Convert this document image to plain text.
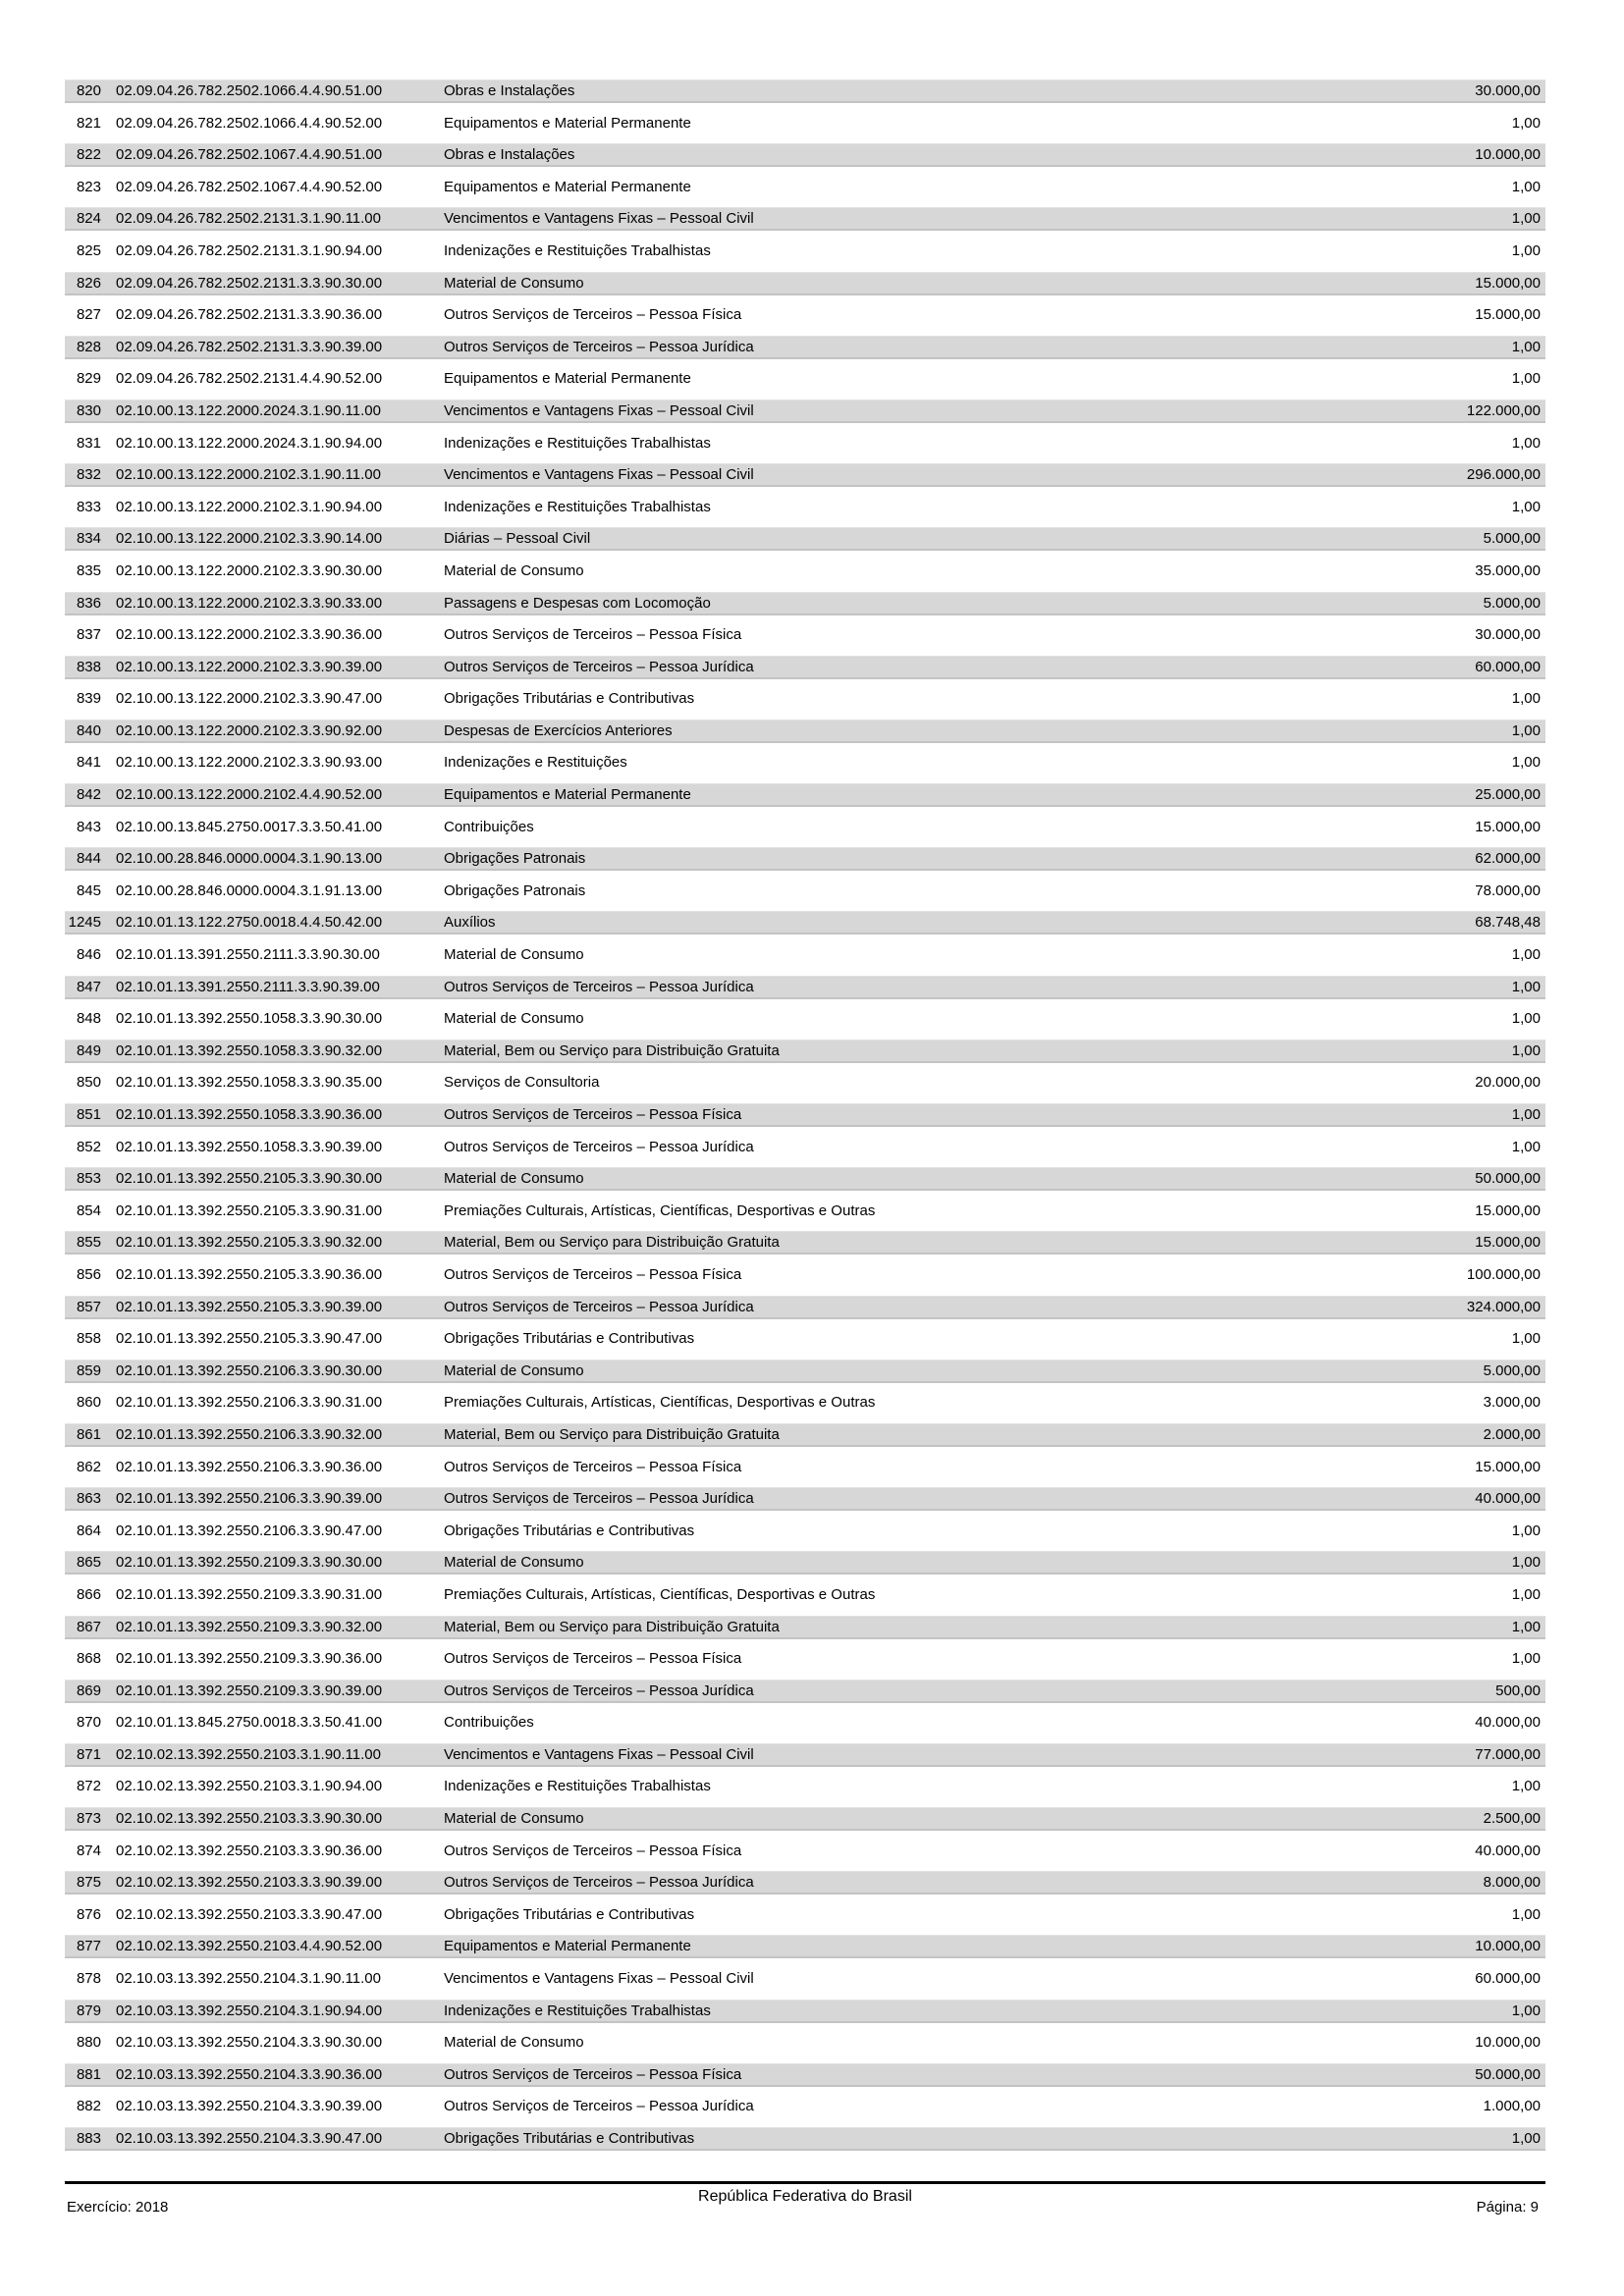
820 02.09.04.26.782.2502.1066.4.4.90.51.00	Obras e Instalações	30.000,00
821 02.09.04.26.782.2502.1066.4.4.90.52.00	Equipamentos e Material Permanente	1,00
822 02.09.04.26.782.2502.1067.4.4.90.51.00	Obras e Instalações	10.000,00
823 02.09.04.26.782.2502.1067.4.4.90.52.00	Equipamentos e Material Permanente	1,00
824 02.09.04.26.782.2502.2131.3.1.90.11.00	Vencimentos e Vantagens Fixas – Pessoal Civil	1,00
825 02.09.04.26.782.2502.2131.3.1.90.94.00	Indenizações e Restituições Trabalhistas	1,00
826 02.09.04.26.782.2502.2131.3.3.90.30.00	Material de Consumo	15.000,00
827 02.09.04.26.782.2502.2131.3.3.90.36.00	Outros Serviços de Terceiros – Pessoa Física	15.000,00
828 02.09.04.26.782.2502.2131.3.3.90.39.00	Outros Serviços de Terceiros – Pessoa Jurídica	1,00
829 02.09.04.26.782.2502.2131.4.4.90.52.00	Equipamentos e Material Permanente	1,00
830 02.10.00.13.122.2000.2024.3.1.90.11.00	Vencimentos e Vantagens Fixas – Pessoal Civil	122.000,00
831 02.10.00.13.122.2000.2024.3.1.90.94.00	Indenizações e Restituições Trabalhistas	1,00
832 02.10.00.13.122.2000.2102.3.1.90.11.00	Vencimentos e Vantagens Fixas – Pessoal Civil	296.000,00
833 02.10.00.13.122.2000.2102.3.1.90.94.00	Indenizações e Restituições Trabalhistas	1,00
834 02.10.00.13.122.2000.2102.3.3.90.14.00	Diárias – Pessoal Civil	5.000,00
835 02.10.00.13.122.2000.2102.3.3.90.30.00	Material de Consumo	35.000,00
836 02.10.00.13.122.2000.2102.3.3.90.33.00	Passagens e Despesas com Locomoção	5.000,00
837 02.10.00.13.122.2000.2102.3.3.90.36.00	Outros Serviços de Terceiros – Pessoa Física	30.000,00
838 02.10.00.13.122.2000.2102.3.3.90.39.00	Outros Serviços de Terceiros – Pessoa Jurídica	60.000,00
839 02.10.00.13.122.2000.2102.3.3.90.47.00	Obrigações Tributárias e Contributivas	1,00
840 02.10.00.13.122.2000.2102.3.3.90.92.00	Despesas de Exercícios Anteriores	1,00
841 02.10.00.13.122.2000.2102.3.3.90.93.00	Indenizações e Restituições	1,00
842 02.10.00.13.122.2000.2102.4.4.90.52.00	Equipamentos e Material Permanente	25.000,00
843 02.10.00.13.845.2750.0017.3.3.50.41.00	Contribuições	15.000,00
844 02.10.00.28.846.0000.0004.3.1.90.13.00	Obrigações Patronais	62.000,00
845 02.10.00.28.846.0000.0004.3.1.91.13.00	Obrigações Patronais	78.000,00
1245 02.10.01.13.122.2750.0018.4.4.50.42.00	Auxílios	68.748,48
846 02.10.01.13.391.2550.2111.3.3.90.30.00	Material de Consumo	1,00
847 02.10.01.13.391.2550.2111.3.3.90.39.00	Outros Serviços de Terceiros – Pessoa Jurídica	1,00
848 02.10.01.13.392.2550.1058.3.3.90.30.00	Material de Consumo	1,00
849 02.10.01.13.392.2550.1058.3.3.90.32.00	Material, Bem ou Serviço para Distribuição Gratuita	1,00
850 02.10.01.13.392.2550.1058.3.3.90.35.00	Serviços de Consultoria	20.000,00
851 02.10.01.13.392.2550.1058.3.3.90.36.00	Outros Serviços de Terceiros – Pessoa Física	1,00
852 02.10.01.13.392.2550.1058.3.3.90.39.00	Outros Serviços de Terceiros – Pessoa Jurídica	1,00
853 02.10.01.13.392.2550.2105.3.3.90.30.00	Material de Consumo	50.000,00
854 02.10.01.13.392.2550.2105.3.3.90.31.00	Premiações Culturais, Artísticas, Científicas, Desportivas e Outras	15.000,00
855 02.10.01.13.392.2550.2105.3.3.90.32.00	Material, Bem ou Serviço para Distribuição Gratuita	15.000,00
856 02.10.01.13.392.2550.2105.3.3.90.36.00	Outros Serviços de Terceiros – Pessoa Física	100.000,00
857 02.10.01.13.392.2550.2105.3.3.90.39.00	Outros Serviços de Terceiros – Pessoa Jurídica	324.000,00
858 02.10.01.13.392.2550.2105.3.3.90.47.00	Obrigações Tributárias e Contributivas	1,00
859 02.10.01.13.392.2550.2106.3.3.90.30.00	Material de Consumo	5.000,00
860 02.10.01.13.392.2550.2106.3.3.90.31.00	Premiações Culturais, Artísticas, Científicas, Desportivas e Outras	3.000,00
861 02.10.01.13.392.2550.2106.3.3.90.32.00	Material, Bem ou Serviço para Distribuição Gratuita	2.000,00
862 02.10.01.13.392.2550.2106.3.3.90.36.00	Outros Serviços de Terceiros – Pessoa Física	15.000,00
863 02.10.01.13.392.2550.2106.3.3.90.39.00	Outros Serviços de Terceiros – Pessoa Jurídica	40.000,00
864 02.10.01.13.392.2550.2106.3.3.90.47.00	Obrigações Tributárias e Contributivas	1,00
865 02.10.01.13.392.2550.2109.3.3.90.30.00	Material de Consumo	1,00
866 02.10.01.13.392.2550.2109.3.3.90.31.00	Premiações Culturais, Artísticas, Científicas, Desportivas e Outras	1,00
867 02.10.01.13.392.2550.2109.3.3.90.32.00	Material, Bem ou Serviço para Distribuição Gratuita	1,00
868 02.10.01.13.392.2550.2109.3.3.90.36.00	Outros Serviços de Terceiros – Pessoa Física	1,00
869 02.10.01.13.392.2550.2109.3.3.90.39.00	Outros Serviços de Terceiros – Pessoa Jurídica	500,00
870 02.10.01.13.845.2750.0018.3.3.50.41.00	Contribuições	40.000,00
871 02.10.02.13.392.2550.2103.3.1.90.11.00	Vencimentos e Vantagens Fixas – Pessoal Civil	77.000,00
872 02.10.02.13.392.2550.2103.3.1.90.94.00	Indenizações e Restituições Trabalhistas	1,00
873 02.10.02.13.392.2550.2103.3.3.90.30.00	Material de Consumo	2.500,00
874 02.10.02.13.392.2550.2103.3.3.90.36.00	Outros Serviços de Terceiros – Pessoa Física	40.000,00
875 02.10.02.13.392.2550.2103.3.3.90.39.00	Outros Serviços de Terceiros – Pessoa Jurídica	8.000,00
876 02.10.02.13.392.2550.2103.3.3.90.47.00	Obrigações Tributárias e Contributivas	1,00
877 02.10.02.13.392.2550.2103.4.4.90.52.00	Equipamentos e Material Permanente	10.000,00
878 02.10.03.13.392.2550.2104.3.1.90.11.00	Vencimentos e Vantagens Fixas – Pessoal Civil	60.000,00
879 02.10.03.13.392.2550.2104.3.1.90.94.00	Indenizações e Restituições Trabalhistas	1,00
880 02.10.03.13.392.2550.2104.3.3.90.30.00	Material de Consumo	10.000,00
881 02.10.03.13.392.2550.2104.3.3.90.36.00	Outros Serviços de Terceiros – Pessoa Física	50.000,00
882 02.10.03.13.392.2550.2104.3.3.90.39.00	Outros Serviços de Terceiros – Pessoa Jurídica	1.000,00
883 02.10.03.13.392.2550.2104.3.3.90.47.00	Obrigações Tributárias e Contributivas	1,00
Exercício: 2018
República Federativa do Brasil
Página: 9
